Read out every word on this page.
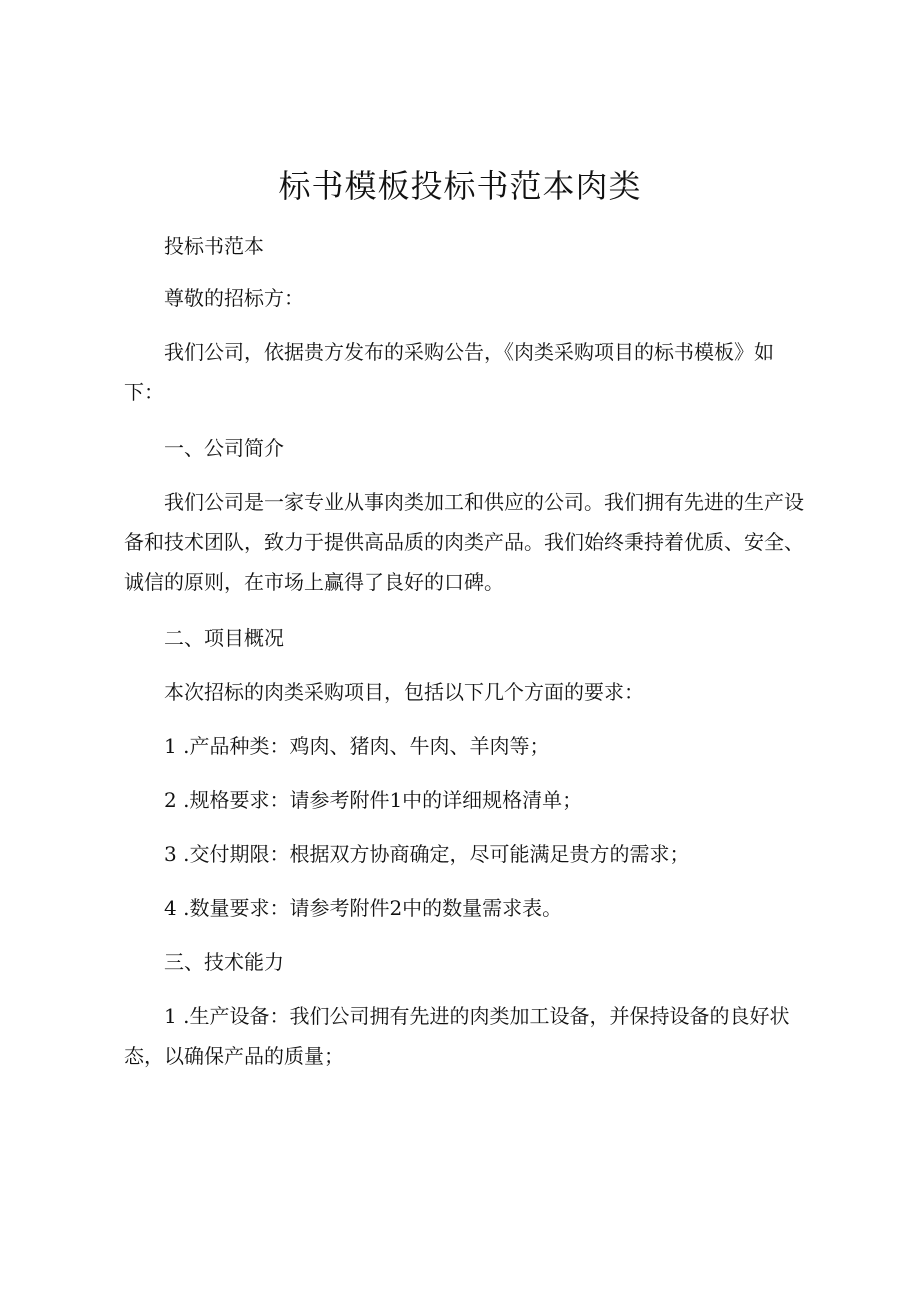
标书模板投标书范本肉类

投标书范本

尊敬的招标方：

我们公司，依据贵方发布的采购公告，《肉类采购项目的标书模板》如下：

一、公司简介

我们公司是一家专业从事肉类加工和供应的公司。我们拥有先进的生产设备和技术团队，致力于提供高品质的肉类产品。我们始终秉持着优质、安全、诚信的原则，在市场上赢得了良好的口碑。

二、项目概况

本次招标的肉类采购项目，包括以下几个方面的要求：

1 .产品种类：鸡肉、猪肉、牛肉、羊肉等；

2 .规格要求：请参考附件1中的详细规格清单；

3 .交付期限：根据双方协商确定，尽可能满足贵方的需求；

4 .数量要求：请参考附件2中的数量需求表。

三、技术能力

1 .生产设备：我们公司拥有先进的肉类加工设备，并保持设备的良好状态，以确保产品的质量；
